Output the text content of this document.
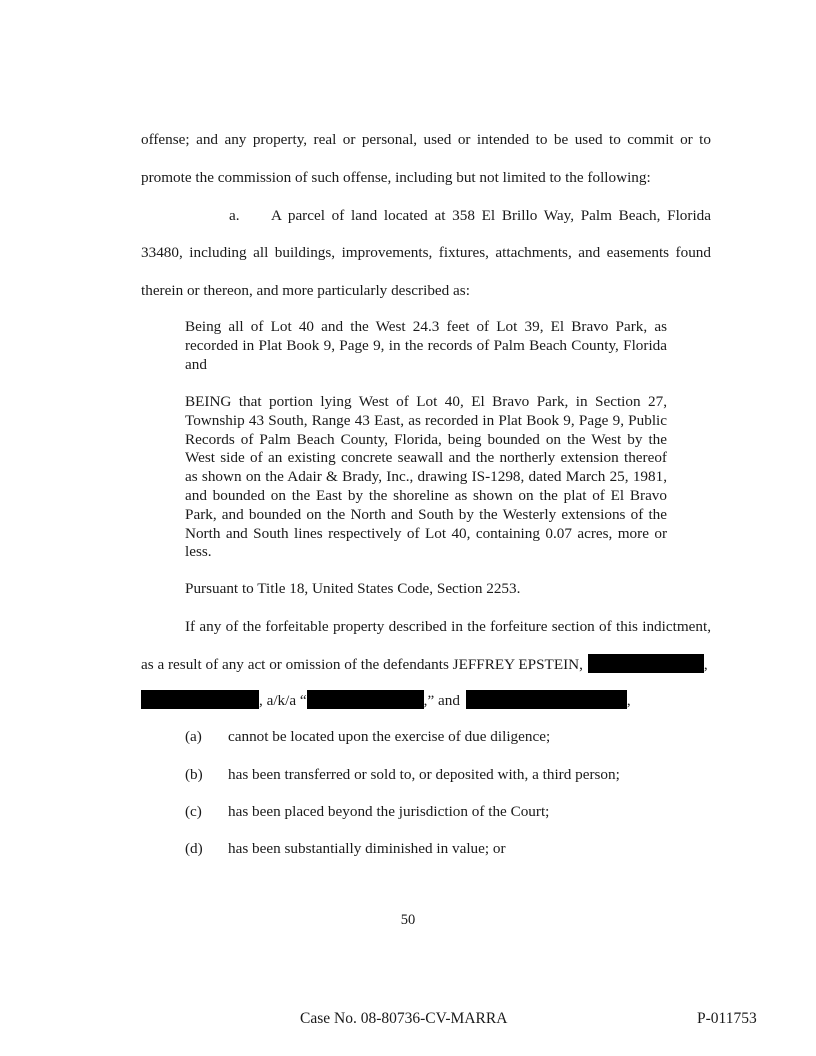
offense; and any property, real or personal, used or intended to be used to commit or to
promote the commission of such offense, including but not limited to the following:
a. A parcel of land located at 358 El Brillo Way, Palm Beach, Florida
33480, including all buildings, improvements, fixtures, attachments, and easements found
therein or thereon, and more particularly described as:
Being all of Lot 40 and the West 24.3 feet of Lot 39, El Bravo Park, as recorded in Plat Book 9, Page 9, in the records of Palm Beach County, Florida and
BEING that portion lying West of Lot 40, El Bravo Park, in Section 27, Township 43 South, Range 43 East, as recorded in Plat Book 9, Page 9, Public Records of Palm Beach County, Florida, being bounded on the West by the West side of an existing concrete seawall and the northerly extension thereof as shown on the Adair & Brady, Inc., drawing IS-1298, dated March 25, 1981, and bounded on the East by the shoreline as shown on the plat of El Bravo Park, and bounded on the North and South by the Westerly extensions of the North and South lines respectively of Lot 40, containing 0.07 acres, more or less.
Pursuant to Title 18, United States Code, Section 2253.
If any of the forfeitable property described in the forfeiture section of this indictment,
as a result of any act or omission of the defendants JEFFREY EPSTEIN,	,
, a/k/a “	,” and	,
(a) cannot be located upon the exercise of due diligence;
(b) has been transferred or sold to, or deposited with, a third person;
(c) has been placed beyond the jurisdiction of the Court;
(d) has been substantially diminished in value; or
50
Case No. 08-80736-CV-MARRA	P-011753
